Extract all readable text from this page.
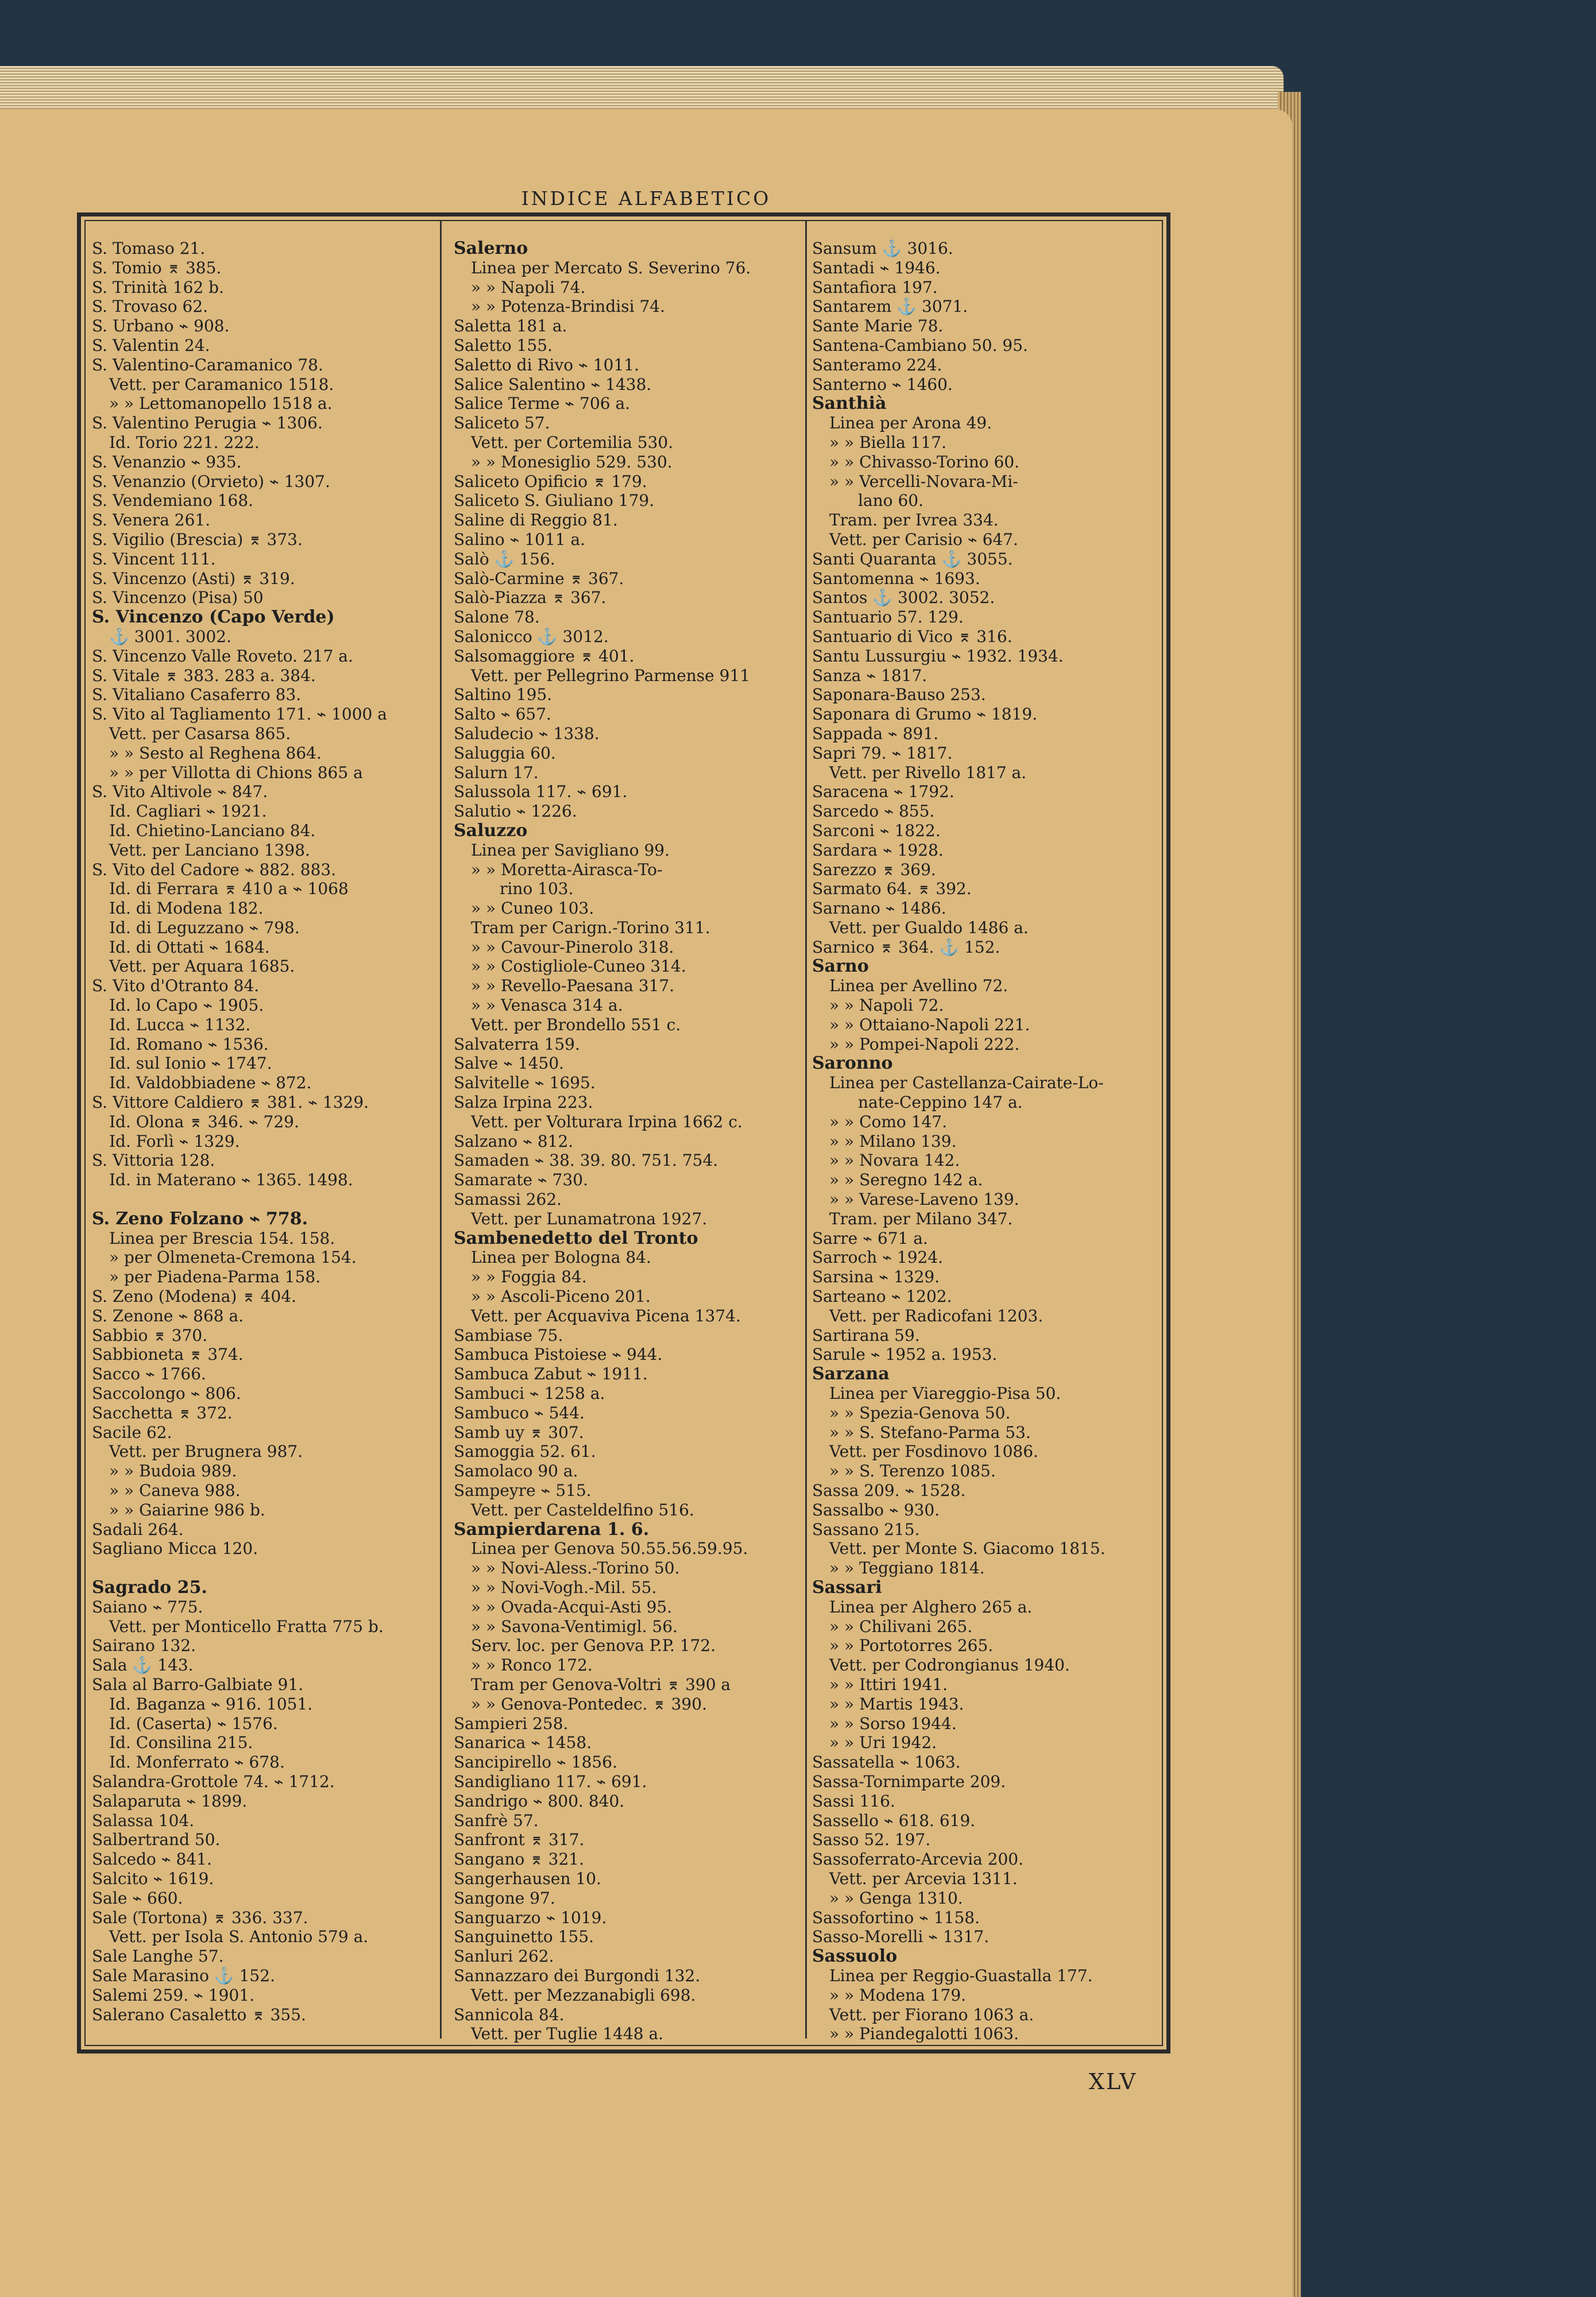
INDICE ALFABETICO
S. Tomaso 21.
S. Tomio ⌆ 385.
S. Trinità 162 b.
S. Trovaso 62.
S. Urbano ⌁ 908.
S. Valentin 24.
S. Valentino-Caramanico 78.
Vett. per Caramanico 1518.
» » Lettomanopello 1518 a.
S. Valentino Perugia ⌁ 1306.
Id. Torio 221. 222.
S. Venanzio ⌁ 935.
S. Venanzio (Orvieto) ⌁ 1307.
S. Vendemiano 168.
S. Venera 261.
S. Vigilio (Brescia) ⌆ 373.
S. Vincent 111.
S. Vincenzo (Asti) ⌆ 319.
S. Vincenzo (Pisa) 50
S. Vincenzo (Capo Verde)
⚓ 3001. 3002.
S. Vincenzo Valle Roveto. 217 a.
S. Vitale ⌆ 383. 283 a. 384.
S. Vitaliano Casaferro 83.
S. Vito al Tagliamento 171. ⌁ 1000 a
Vett. per Casarsa 865.
» » Sesto al Reghena 864.
» » per Villotta di Chions 865 a
S. Vito Altivole ⌁ 847.
Id. Cagliari ⌁ 1921.
Id. Chietino-Lanciano 84.
Vett. per Lanciano 1398.
S. Vito del Cadore ⌁ 882. 883.
Id. di Ferrara ⌆ 410 a ⌁ 1068
Id. di Modena 182.
Id. di Leguzzano ⌁ 798.
Id. di Ottati ⌁ 1684.
Vett. per Aquara 1685.
S. Vito d'Otranto 84.
Id. lo Capo ⌁ 1905.
Id. Lucca ⌁ 1132.
Id. Romano ⌁ 1536.
Id. sul Ionio ⌁ 1747.
Id. Valdobbiadene ⌁ 872.
S. Vittore Caldiero ⌆ 381. ⌁ 1329.
Id. Olona ⌆ 346. ⌁ 729.
Id. Forlì ⌁ 1329.
S. Vittoria 128.
Id. in Materano ⌁ 1365. 1498.
S. Zeno Folzano ⌁ 778.
Linea per Brescia 154. 158.
» per Olmeneta-Cremona 154.
» per Piadena-Parma 158.
S. Zeno (Modena) ⌆ 404.
S. Zenone ⌁ 868 a.
Sabbio ⌆ 370.
Sabbioneta ⌆ 374.
Sacco ⌁ 1766.
Saccolongo ⌁ 806.
Sacchetta ⌆ 372.
Sacile 62.
Vett. per Brugnera 987.
» » Budoia 989.
» » Caneva 988.
» » Gaiarine 986 b.
Sadali 264.
Sagliano Micca 120.
Sagrado 25.
Saiano ⌁ 775.
Vett. per Monticello Fratta 775 b.
Sairano 132.
Sala ⚓ 143.
Sala al Barro-Galbiate 91.
Id. Baganza ⌁ 916. 1051.
Id. (Caserta) ⌁ 1576.
Id. Consilina 215.
Id. Monferrato ⌁ 678.
Salandra-Grottole 74. ⌁ 1712.
Salaparuta ⌁ 1899.
Salassa 104.
Salbertrand 50.
Salcedo ⌁ 841.
Salcito ⌁ 1619.
Sale ⌁ 660.
Sale (Tortona) ⌆ 336. 337.
Vett. per Isola S. Antonio 579 a.
Sale Langhe 57.
Sale Marasino ⚓ 152.
Salemi 259. ⌁ 1901.
Salerano Casaletto ⌆ 355.
Salerno
Linea per Mercato S. Severino 76.
» » Napoli 74.
» » Potenza-Brindisi 74.
Saletta 181 a.
Saletto 155.
Saletto di Rivo ⌁ 1011.
Salice Salentino ⌁ 1438.
Salice Terme ⌁ 706 a.
Saliceto 57.
Vett. per Cortemilia 530.
» » Monesiglio 529. 530.
Saliceto Opificio ⌆ 179.
Saliceto S. Giuliano 179.
Saline di Reggio 81.
Salino ⌁ 1011 a.
Salò ⚓ 156.
Salò-Carmine ⌆ 367.
Salò-Piazza ⌆ 367.
Salone 78.
Salonicco ⚓ 3012.
Salsomaggiore ⌆ 401.
Vett. per Pellegrino Parmense 911
Saltino 195.
Salto ⌁ 657.
Saludecio ⌁ 1338.
Saluggia 60.
Salurn 17.
Salussola 117. ⌁ 691.
Salutio ⌁ 1226.
Saluzzo
Linea per Savigliano 99.
» » Moretta-Airasca-To-
rino 103.
» » Cuneo 103.
Tram per Carign.-Torino 311.
» » Cavour-Pinerolo 318.
» » Costigliole-Cuneo 314.
» » Revello-Paesana 317.
» » Venasca 314 a.
Vett. per Brondello 551 c.
Salvaterra 159.
Salve ⌁ 1450.
Salvitelle ⌁ 1695.
Salza Irpina 223.
Vett. per Volturara Irpina 1662 c.
Salzano ⌁ 812.
Samaden ⌁ 38. 39. 80. 751. 754.
Samarate ⌁ 730.
Samassi 262.
Vett. per Lunamatrona 1927.
Sambenedetto del Tronto
Linea per Bologna 84.
» » Foggia 84.
» » Ascoli-Piceno 201.
Vett. per Acquaviva Picena 1374.
Sambiase 75.
Sambuca Pistoiese ⌁ 944.
Sambuca Zabut ⌁ 1911.
Sambuci ⌁ 1258 a.
Sambuco ⌁ 544.
Samb uy ⌆ 307.
Samoggia 52. 61.
Samolaco 90 a.
Sampeyre ⌁ 515.
Vett. per Casteldelfino 516.
Sampierdarena 1. 6.
Linea per Genova 50.55.56.59.95.
» » Novi-Aless.-Torino 50.
» » Novi-Vogh.-Mil. 55.
» » Ovada-Acqui-Asti 95.
» » Savona-Ventimigl. 56.
Serv. loc. per Genova P.P. 172.
» » Ronco 172.
Tram per Genova-Voltri ⌆ 390 a
» » Genova-Pontedec. ⌆ 390.
Sampieri 258.
Sanarica ⌁ 1458.
Sancipirello ⌁ 1856.
Sandigliano 117. ⌁ 691.
Sandrigo ⌁ 800. 840.
Sanfrè 57.
Sanfront ⌆ 317.
Sangano ⌆ 321.
Sangerhausen 10.
Sangone 97.
Sanguarzo ⌁ 1019.
Sanguinetto 155.
Sanluri 262.
Sannazzaro dei Burgondi 132.
Vett. per Mezzanabigli 698.
Sannicola 84.
Vett. per Tuglie 1448 a.
Sansum ⚓ 3016.
Santadi ⌁ 1946.
Santafiora 197.
Santarem ⚓ 3071.
Sante Marie 78.
Santena-Cambiano 50. 95.
Santeramo 224.
Santerno ⌁ 1460.
Santhià
Linea per Arona 49.
» » Biella 117.
» » Chivasso-Torino 60.
» » Vercelli-Novara-Mi-
lano 60.
Tram. per Ivrea 334.
Vett. per Carisio ⌁ 647.
Santi Quaranta ⚓ 3055.
Santomenna ⌁ 1693.
Santos ⚓ 3002. 3052.
Santuario 57. 129.
Santuario di Vico ⌆ 316.
Santu Lussurgiu ⌁ 1932. 1934.
Sanza ⌁ 1817.
Saponara-Bauso 253.
Saponara di Grumo ⌁ 1819.
Sappada ⌁ 891.
Sapri 79. ⌁ 1817.
Vett. per Rivello 1817 a.
Saracena ⌁ 1792.
Sarcedo ⌁ 855.
Sarconi ⌁ 1822.
Sardara ⌁ 1928.
Sarezzo ⌆ 369.
Sarmato 64. ⌆ 392.
Sarnano ⌁ 1486.
Vett. per Gualdo 1486 a.
Sarnico ⌆ 364. ⚓ 152.
Sarno
Linea per Avellino 72.
» » Napoli 72.
» » Ottaiano-Napoli 221.
» » Pompei-Napoli 222.
Saronno
Linea per Castellanza-Cairate-Lo-
nate-Ceppino 147 a.
» » Como 147.
» » Milano 139.
» » Novara 142.
» » Seregno 142 a.
» » Varese-Laveno 139.
Tram. per Milano 347.
Sarre ⌁ 671 a.
Sarroch ⌁ 1924.
Sarsina ⌁ 1329.
Sarteano ⌁ 1202.
Vett. per Radicofani 1203.
Sartirana 59.
Sarule ⌁ 1952 a. 1953.
Sarzana
Linea per Viareggio-Pisa 50.
» » Spezia-Genova 50.
» » S. Stefano-Parma 53.
Vett. per Fosdinovo 1086.
» » S. Terenzo 1085.
Sassa 209. ⌁ 1528.
Sassalbo ⌁ 930.
Sassano 215.
Vett. per Monte S. Giacomo 1815.
» » Teggiano 1814.
Sassari
Linea per Alghero 265 a.
» » Chilivani 265.
» » Portotorres 265.
Vett. per Codrongianus 1940.
» » Ittiri 1941.
» » Martis 1943.
» » Sorso 1944.
» » Uri 1942.
Sassatella ⌁ 1063.
Sassa-Tornimparte 209.
Sassi 116.
Sassello ⌁ 618. 619.
Sasso 52. 197.
Sassoferrato-Arcevia 200.
Vett. per Arcevia 1311.
» » Genga 1310.
Sassofortino ⌁ 1158.
Sasso-Morelli ⌁ 1317.
Sassuolo
Linea per Reggio-Guastalla 177.
» » Modena 179.
Vett. per Fiorano 1063 a.
» » Piandegalotti 1063.
XLV
